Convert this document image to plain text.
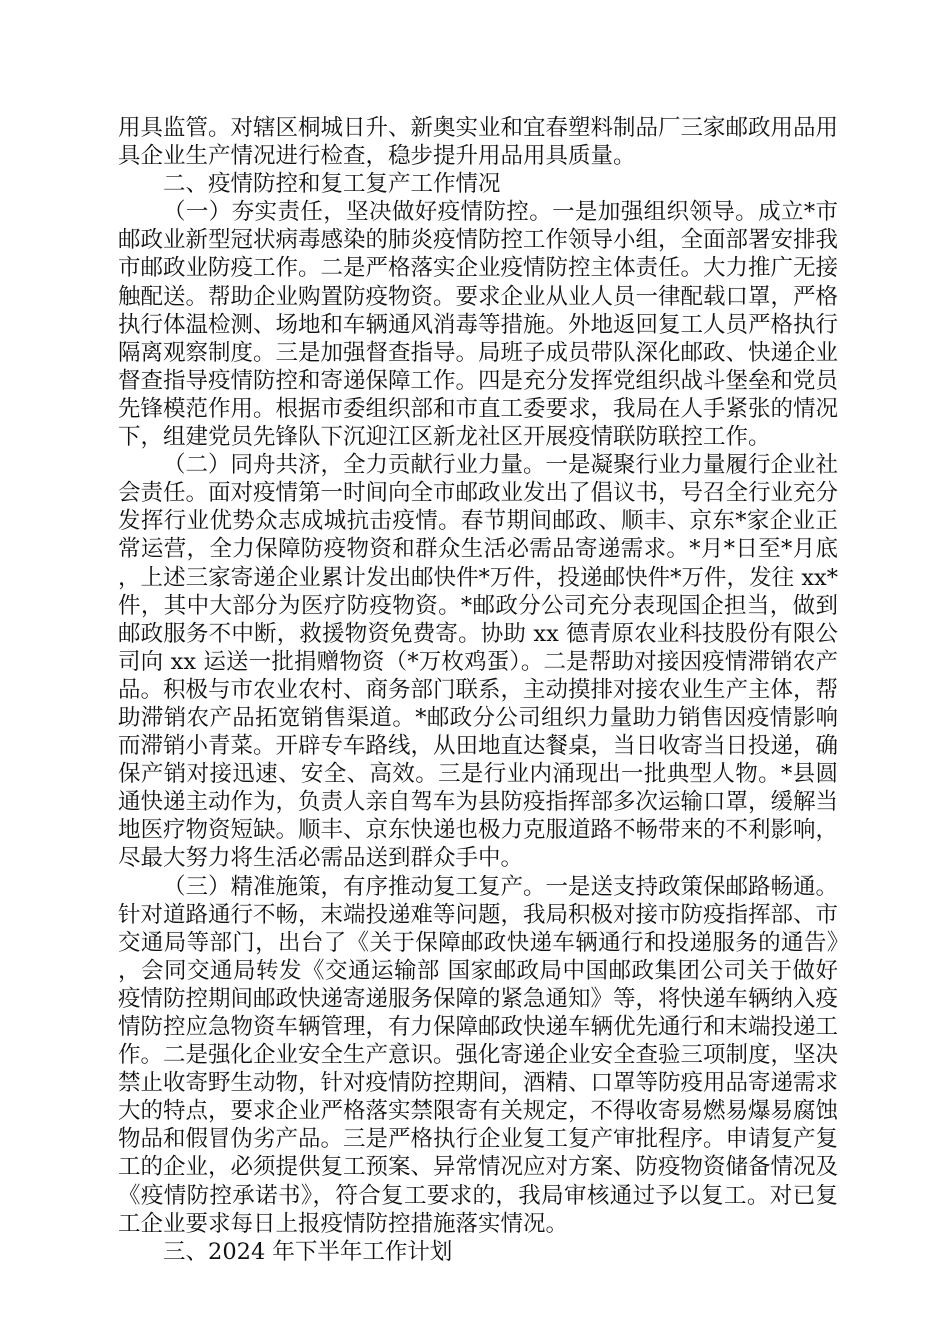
用具监管。对辖区桐城日升、新奥实业和宜春塑料制品厂三家邮政用品用具企业生产情况进行检查，稳步提升用品用具质量。

二、疫情防控和复工复产工作情况

（一）夯实责任，坚决做好疫情防控。一是加强组织领导。成立*市邮政业新型冠状病毒感染的肺炎疫情防控工作领导小组，全面部署安排我市邮政业防疫工作。二是严格落实企业疫情防控主体责任。大力推广无接触配送。帮助企业购置防疫物资。要求企业从业人员一律配载口罩，严格执行体温检测、场地和车辆通风消毒等措施。外地返回复工人员严格执行隔离观察制度。三是加强督查指导。局班子成员带队深化邮政、快递企业督查指导疫情防控和寄递保障工作。四是充分发挥党组织战斗堡垒和党员先锋模范作用。根据市委组织部和市直工委要求，我局在人手紧张的情况下，组建党员先锋队下沉迎江区新龙社区开展疫情联防联控工作。

（二）同舟共济，全力贡献行业力量。一是凝聚行业力量履行企业社会责任。面对疫情第一时间向全市邮政业发出了倡议书，号召全行业充分发挥行业优势众志成城抗击疫情。春节期间邮政、顺丰、京东*家企业正常运营，全力保障防疫物资和群众生活必需品寄递需求。*月*日至*月底，上述三家寄递企业累计发出邮快件*万件，投递邮快件*万件，发往 xx*件，其中大部分为医疗防疫物资。*邮政分公司充分表现国企担当，做到邮政服务不中断，救援物资免费寄。协助 xx 德青原农业科技股份有限公司向 xx 运送一批捐赠物资（*万枚鸡蛋）。二是帮助对接因疫情滞销农产品。积极与市农业农村、商务部门联系，主动摸排对接农业生产主体，帮助滞销农产品拓宽销售渠道。*邮政分公司组织力量助力销售因疫情影响而滞销小青菜。开辟专车路线，从田地直达餐桌，当日收寄当日投递，确保产销对接迅速、安全、高效。三是行业内涌现出一批典型人物。*县圆通快递主动作为，负责人亲自驾车为县防疫指挥部多次运输口罩，缓解当地医疗物资短缺。顺丰、京东快递也极力克服道路不畅带来的不利影响，尽最大努力将生活必需品送到群众手中。

（三）精准施策，有序推动复工复产。一是送支持政策保邮路畅通。针对道路通行不畅，末端投递难等问题，我局积极对接市防疫指挥部、市交通局等部门，出台了《关于保障邮政快递车辆通行和投递服务的通告》，会同交通局转发《交通运输部 国家邮政局中国邮政集团公司关于做好疫情防控期间邮政快递寄递服务保障的紧急通知》等，将快递车辆纳入疫情防控应急物资车辆管理，有力保障邮政快递车辆优先通行和末端投递工作。二是强化企业安全生产意识。强化寄递企业安全查验三项制度，坚决禁止收寄野生动物，针对疫情防控期间，酒精、口罩等防疫用品寄递需求大的特点，要求企业严格落实禁限寄有关规定，不得收寄易燃易爆易腐蚀物品和假冒伪劣产品。三是严格执行企业复工复产审批程序。申请复产复工的企业，必须提供复工预案、异常情况应对方案、防疫物资储备情况及《疫情防控承诺书》，符合复工要求的，我局审核通过予以复工。对已复工企业要求每日上报疫情防控措施落实情况。

三、2024 年下半年工作计划
